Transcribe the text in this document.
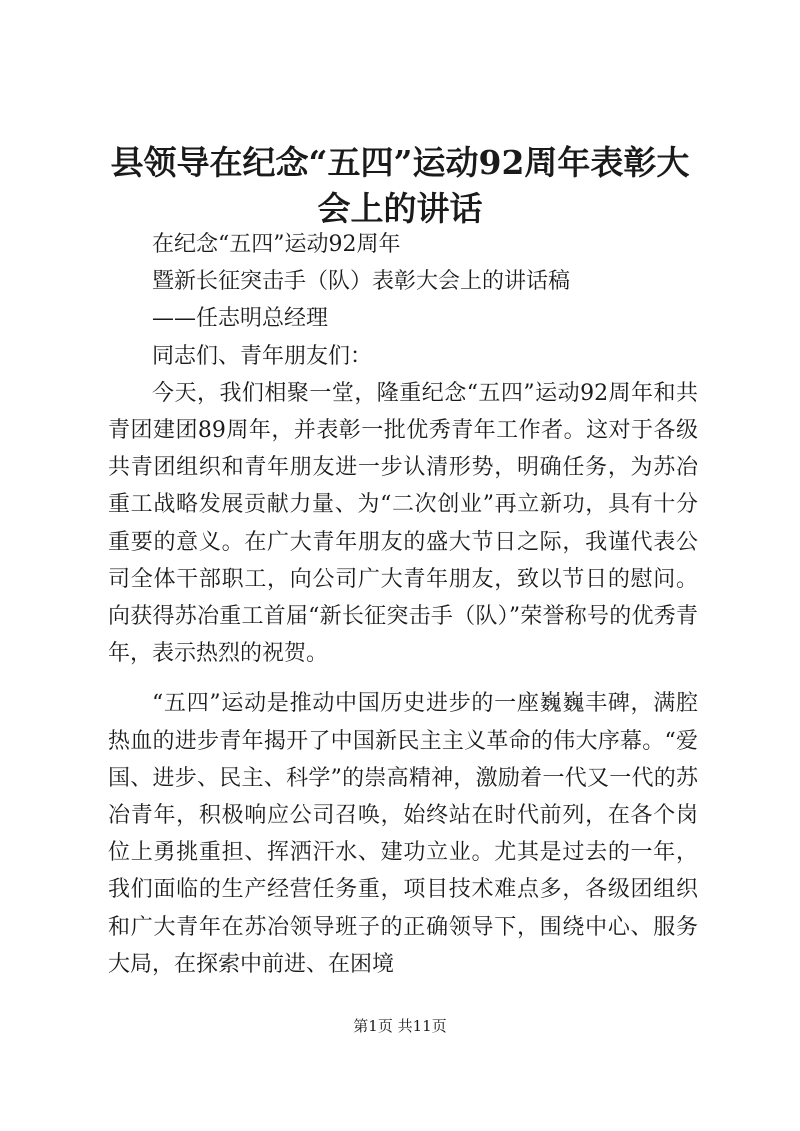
县领导在纪念“五四”运动92周年表彰大会上的讲话

在纪念“五四”运动92周年

暨新长征突击手（队）表彰大会上的讲话稿

——任志明总经理

同志们、青年朋友们：

今天，我们相聚一堂，隆重纪念“五四”运动92周年和共青团建团89周年，并表彰一批优秀青年工作者。这对于各级共青团组织和青年朋友进一步认清形势，明确任务，为苏冶重工战略发展贡献力量、为“二次创业”再立新功，具有十分重要的意义。在广大青年朋友的盛大节日之际，我谨代表公司全体干部职工，向公司广大青年朋友，致以节日的慰问。向获得苏冶重工首届“新长征突击手（队）”荣誉称号的优秀青年，表示热烈的祝贺。

“五四”运动是推动中国历史进步的一座巍巍丰碑，满腔热血的进步青年揭开了中国新民主主义革命的伟大序幕。“爱国、进步、民主、科学”的崇高精神，激励着一代又一代的苏冶青年，积极响应公司召唤，始终站在时代前列，在各个岗位上勇挑重担、挥洒汗水、建功立业。尤其是过去的一年，我们面临的生产经营任务重，项目技术难点多，各级团组织和广大青年在苏冶领导班子的正确领导下，围绕中心、服务大局，在探索中前进、在困境

第1页 共11页
